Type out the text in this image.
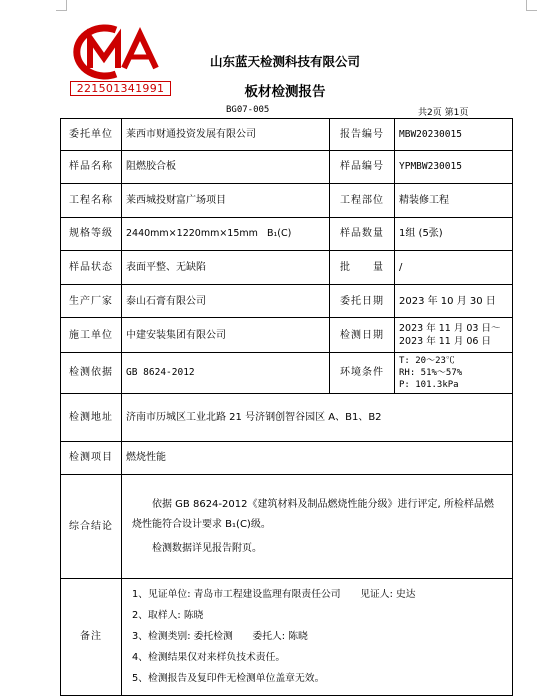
221501341991
山东蓝天检测科技有限公司
板材检测报告
BG07-005	共2页 第1页
委托单位	莱西市财通投资发展有限公司	报告编号	MBW20230015
样品名称	阻燃胶合板	样品编号	YPMBW230015
工程名称	莱西城投财富广场项目	工程部位	精装修工程
规格等级	2440mm×1220mm×15mm   B₁(C)	样品数量	1组 (5张)
样品状态	表面平整、无缺陷	批　　量	/
生产厂家	泰山石膏有限公司	委托日期	2023 年 10 月 30 日
施工单位	中建安装集团有限公司	检测日期	2023 年 11 月 03 日～
2023 年 11 月 06 日

检测依据	GB 8624-2012	环境条件	T: 20～23℃
RH: 51%～57%
P: 101.3kPa

检测地址	济南市历城区工业北路 21 号济钢创智谷园区 A、B1、B2		
检测项目	燃烧性能		
综合结论	依据 GB 8624-2012《建筑材料及制品燃烧性能分级》进行评定, 所检样品燃烧性能符合设计要求 B₁(C)级。

检测数据详见报告附页。		

备注	1、见证单位: 青岛市工程建设监理有限责任公司　　见证人: 史达
2、取样人: 陈晓
3、检测类别: 委托检测　　委托人: 陈晓
4、检测结果仅对来样负技术责任。
5、检测报告及复印件无检测单位盖章无效。		
